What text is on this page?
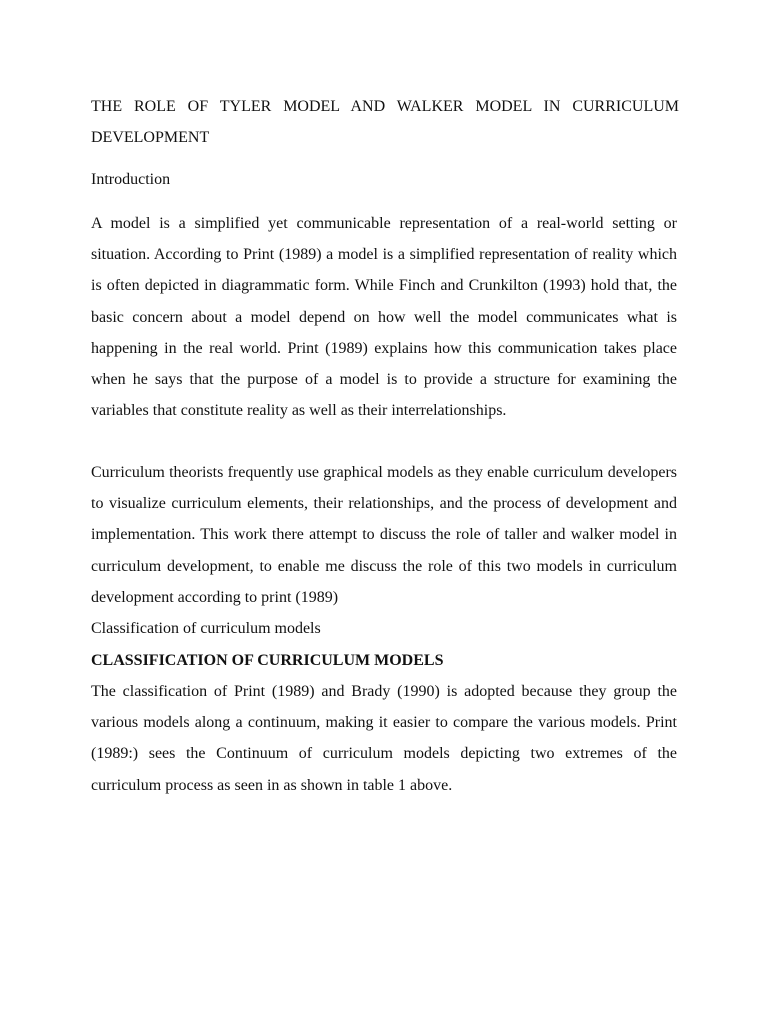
THE ROLE OF TYLER MODEL AND WALKER MODEL IN CURRICULUM DEVELOPMENT
Introduction

A model is a simplified yet communicable representation of a real-world setting or situation. According to Print (1989) a model is a simplified representation of reality which is often depicted in diagrammatic form. While Finch and Crunkilton (1993) hold that, the basic concern about a model depend on how well the model communicates what is happening in the real world. Print (1989) explains how this communication takes place when he says that the purpose of a model is to provide a structure for examining the variables that constitute reality as well as their interrelationships.

Curriculum theorists frequently use graphical models as they enable curriculum developers to visualize curriculum elements, their relationships, and the process of development and implementation. This work there attempt to discuss the role of taller and walker model in curriculum development, to enable me discuss the role of this two models in curriculum development according to print (1989)
Classification of curriculum models

CLASSIFICATION OF CURRICULUM MODELS

The classification of Print (1989) and Brady (1990) is adopted because they group the various models along a continuum, making it easier to compare the various models. Print (1989:) sees the Continuum of curriculum models depicting two extremes of the curriculum process as seen in as shown in table 1 above.
